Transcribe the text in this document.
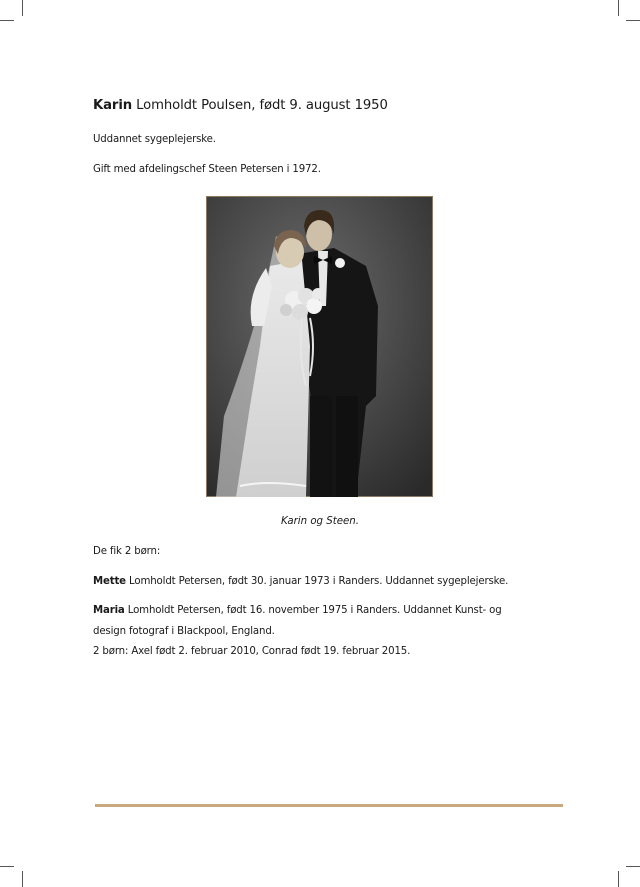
Karin Lomholdt Poulsen, født 9. august 1950
Uddannet sygeplejerske.
Gift med afdelingschef Steen Petersen i 1972.
De fik 2 børn:
Mette Lomholdt Petersen, født 30. januar 1973 i Randers. Uddannet sygeplejerske.
Maria Lomholdt Petersen, født 16. november 1975 i Randers. Uddannet Kunst- og
design fotograf i Blackpool, England.
2 børn: Axel født 2. februar 2010, Conrad født 19. februar 2015.
Karin og Steen.
